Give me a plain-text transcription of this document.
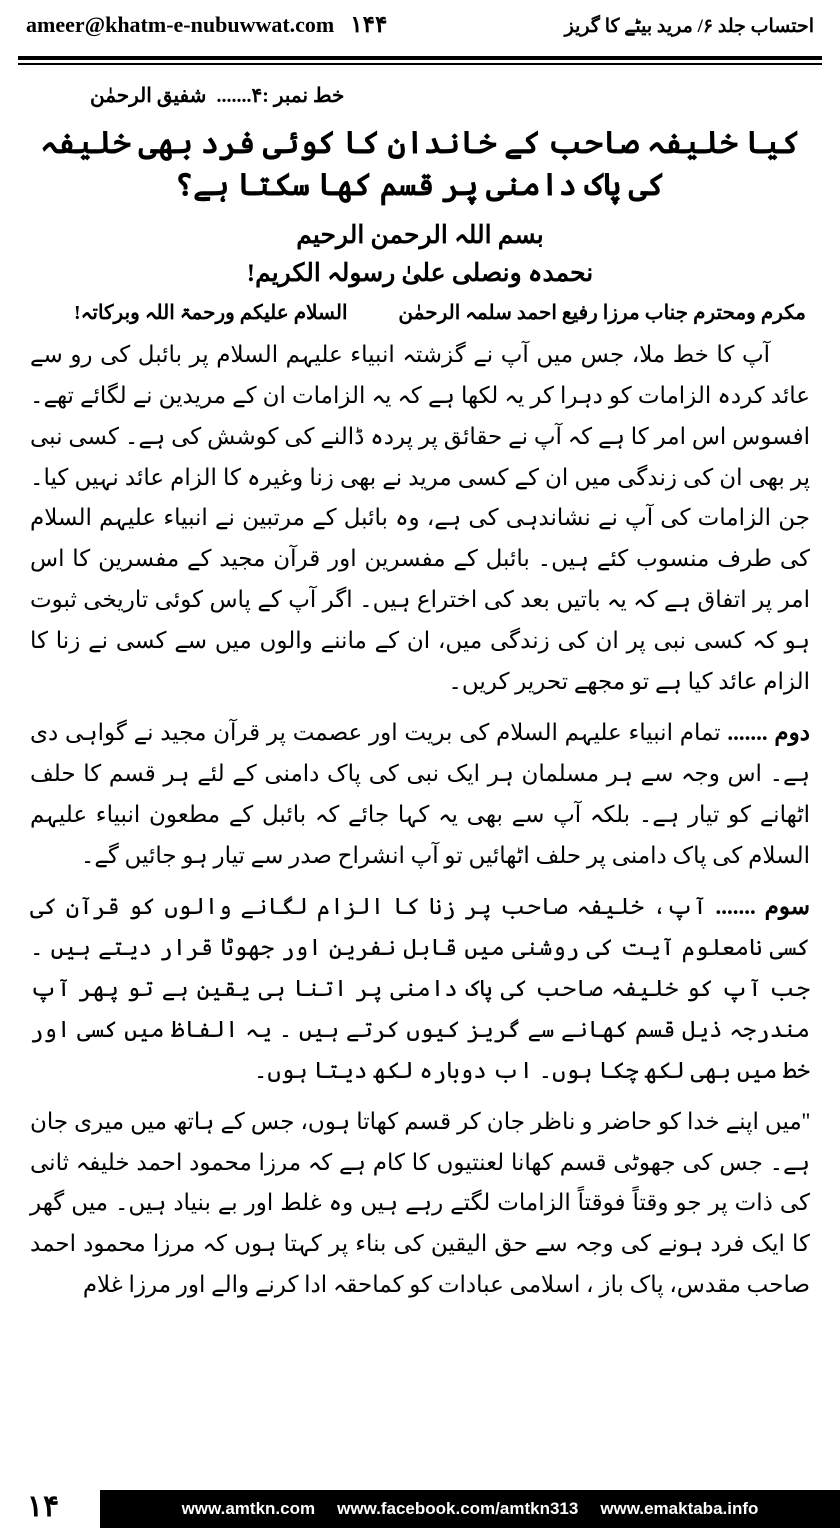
احتساب جلد ۶/ مرید بیٹے کا گریز
۱۴۴
ameer@khatm-e-nubuwwat.com
خط نمبر :۴.......
شفیق الرحمٰن
کیا خلیفہ صاحب کے خاندان کا کوئی فرد بھی خلیفہ کی پاک دامنی پر قسم کھا سکتا ہے؟
بسم اللہ الرحمن الرحیم
نحمدہ ونصلی علیٰ رسولہ الکریم!
مکرم ومحترم جناب مرزا رفیع احمد سلمہ الرحمٰن
السلام علیکم ورحمۃ اللہ وبرکاتہ!
آپ کا خط ملا، جس میں آپ نے گزشتہ انبیاء علیہم السلام پر بائبل کی رو سے عائد کردہ الزامات کو دہرا کر یہ لکھا ہے کہ یہ الزامات ان کے مریدین نے لگائے تھے۔ افسوس اس امر کا ہے کہ آپ نے حقائق پر پردہ ڈالنے کی کوشش کی ہے۔ کسی نبی پر بھی ان کی زندگی میں ان کے کسی مرید نے بھی زنا وغیرہ کا الزام عائد نہیں کیا۔ جن الزامات کی آپ نے نشاندہی کی ہے، وہ بائبل کے مرتبین نے انبیاء علیہم السلام کی طرف منسوب کئے ہیں۔ بائبل کے مفسرین اور قرآن مجید کے مفسرین کا اس امر پر اتفاق ہے کہ یہ باتیں بعد کی اختراع ہیں۔ اگر آپ کے پاس کوئی تاریخی ثبوت ہو کہ کسی نبی پر ان کی زندگی میں، ان کے ماننے والوں میں سے کسی نے زنا کا الزام عائد کیا ہے تو مجھے تحریر کریں۔
دوم ....... تمام انبیاء علیہم السلام کی بریت اور عصمت پر قرآن مجید نے گواہی دی ہے۔ اس وجہ سے ہر مسلمان ہر ایک نبی کی پاک دامنی کے لئے ہر قسم کا حلف اٹھانے کو تیار ہے۔ بلکہ آپ سے بھی یہ کہا جائے کہ بائبل کے مطعون انبیاء علیہم السلام کی پاک دامنی پر حلف اٹھائیں تو آپ انشراح صدر سے تیار ہو جائیں گے۔
سوم ....... آپ، خلیفہ صاحب پر زنا کا الزام لگانے والوں کو قرآن کی کسی نامعلوم آیت کی روشنی میں قابل نفرین اور جھوٹا قرار دیتے ہیں ۔ جب آپ کو خلیفہ صاحب کی پاک دامنی پر اتنا ہی یقین ہے تو پھر آپ مندرجہ ذیل قسم کھانے سے گریز کیوں کرتے ہیں ۔ یہ الفاظ میں کسی اور خط میں بھی لکھ چکا ہوں۔ اب دوبارہ لکھ دیتا ہوں۔
''میں اپنے خدا کو حاضر و ناظر جان کر قسم کھاتا ہوں، جس کے ہاتھ میں میری جان ہے۔ جس کی جھوٹی قسم کھانا لعنتیوں کا کام ہے کہ مرزا محمود احمد خلیفہ ثانی کی ذات پر جو وقتاً فوقتاً الزامات لگتے رہے ہیں وہ غلط اور بے بنیاد ہیں۔ میں گھر کا ایک فرد ہونے کی وجہ سے حق الیقین کی بناء پر کہتا ہوں کہ مرزا محمود احمد صاحب مقدس، پاک باز ، اسلامی عبادات کو کماحقہ ادا کرنے والے اور مرزا غلام
۱۴	www.amtkn.com www.facebook.com/amtkn313 www.emaktaba.info
